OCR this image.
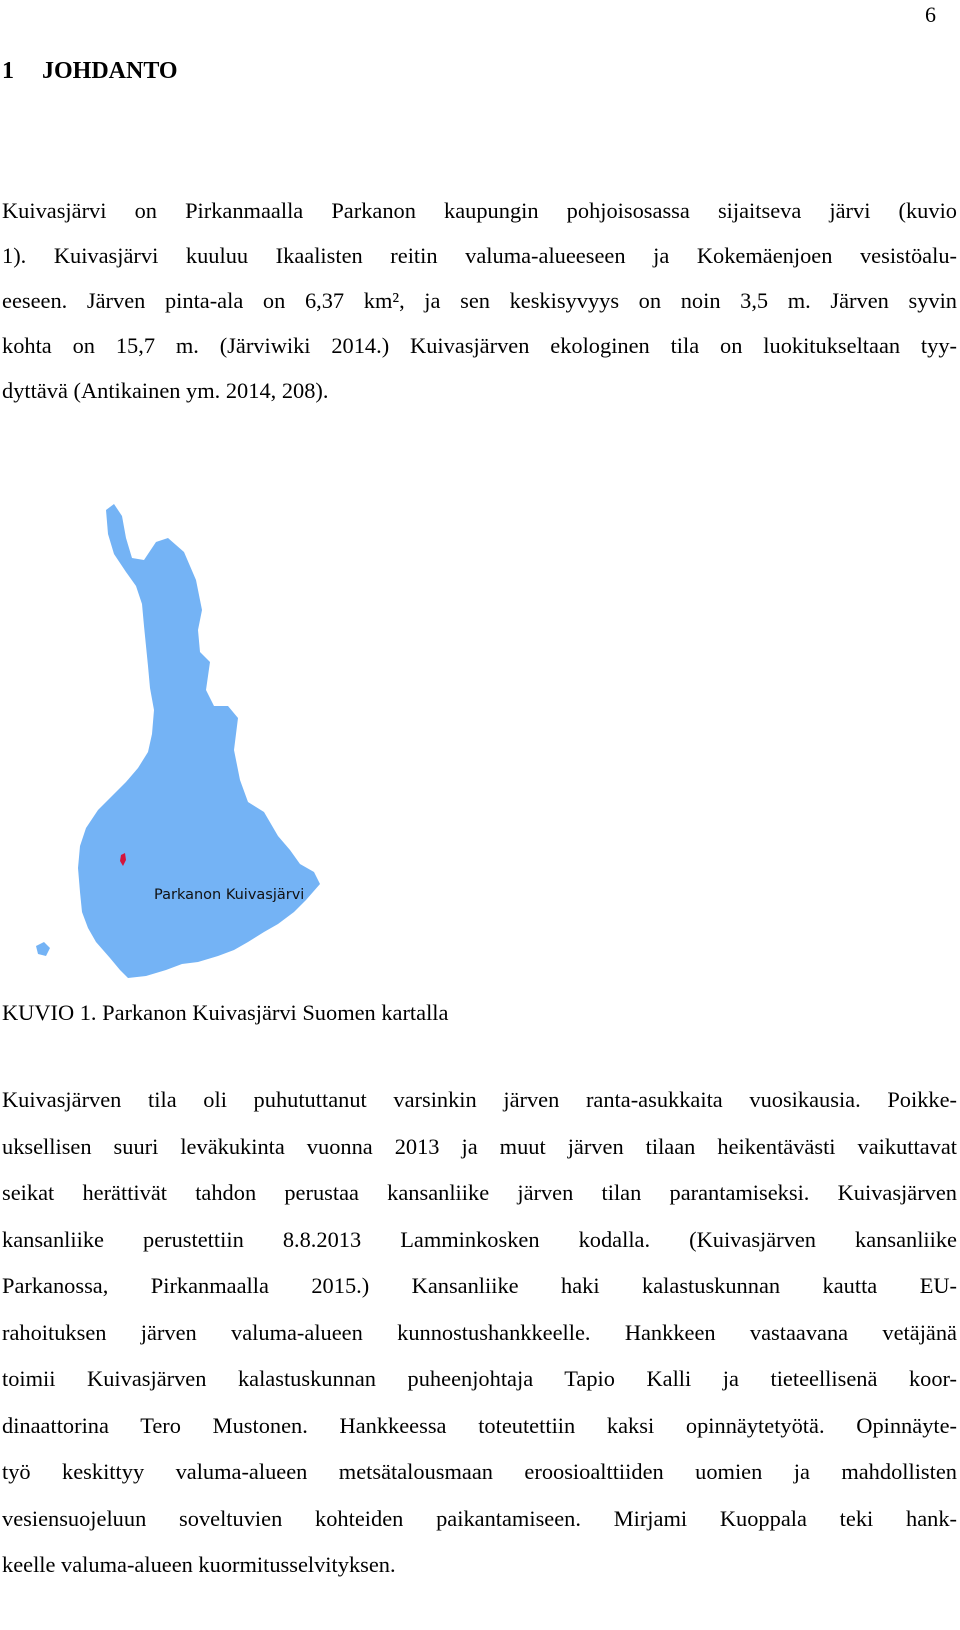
6
1 JOHDANTO
Kuivasjärvi on Pirkanmaalla Parkanon kaupungin pohjoisosassa sijaitseva järvi (kuvio
1). Kuivasjärvi kuuluu Ikaalisten reitin valuma-alueeseen ja Kokemäenjoen vesistöalu-
eeseen. Järven pinta-ala on 6,37 km², ja sen keskisyvyys on noin 3,5 m. Järven syvin
kohta on 15,7 m. (Järviwiki 2014.) Kuivasjärven ekologinen tila on luokitukseltaan tyy-
dyttävä (Antikainen ym. 2014, 208).
Parkanon Kuivasjärvi

KUVIO 1. Parkanon Kuivasjärvi Suomen kartalla

Kuivasjärven tila oli puhututtanut varsinkin järven ranta-asukkaita vuosikausia. Poikke-
uksellisen suuri leväkukinta vuonna 2013 ja muut järven tilaan heikentävästi vaikuttavat
seikat herättivät tahdon perustaa kansanliike järven tilan parantamiseksi. Kuivasjärven
kansanliike perustettiin 8.8.2013 Lamminkosken kodalla. (Kuivasjärven kansanliike
Parkanossa, Pirkanmaalla 2015.) Kansanliike haki kalastuskunnan kautta EU-
rahoituksen järven valuma-alueen kunnostushankkeelle. Hankkeen vastaavana vetäjänä
toimii Kuivasjärven kalastuskunnan puheenjohtaja Tapio Kalli ja tieteellisenä koor-
dinaattorina Tero Mustonen. Hankkeessa toteutettiin kaksi opinnäytetyötä. Opinnäyte-
työ keskittyy valuma-alueen metsätalousmaan eroosioalttiiden uomien ja mahdollisten
vesiensuojeluun soveltuvien kohteiden paikantamiseen. Mirjami Kuoppala teki hank-
keelle valuma-alueen kuormitusselvityksen.
